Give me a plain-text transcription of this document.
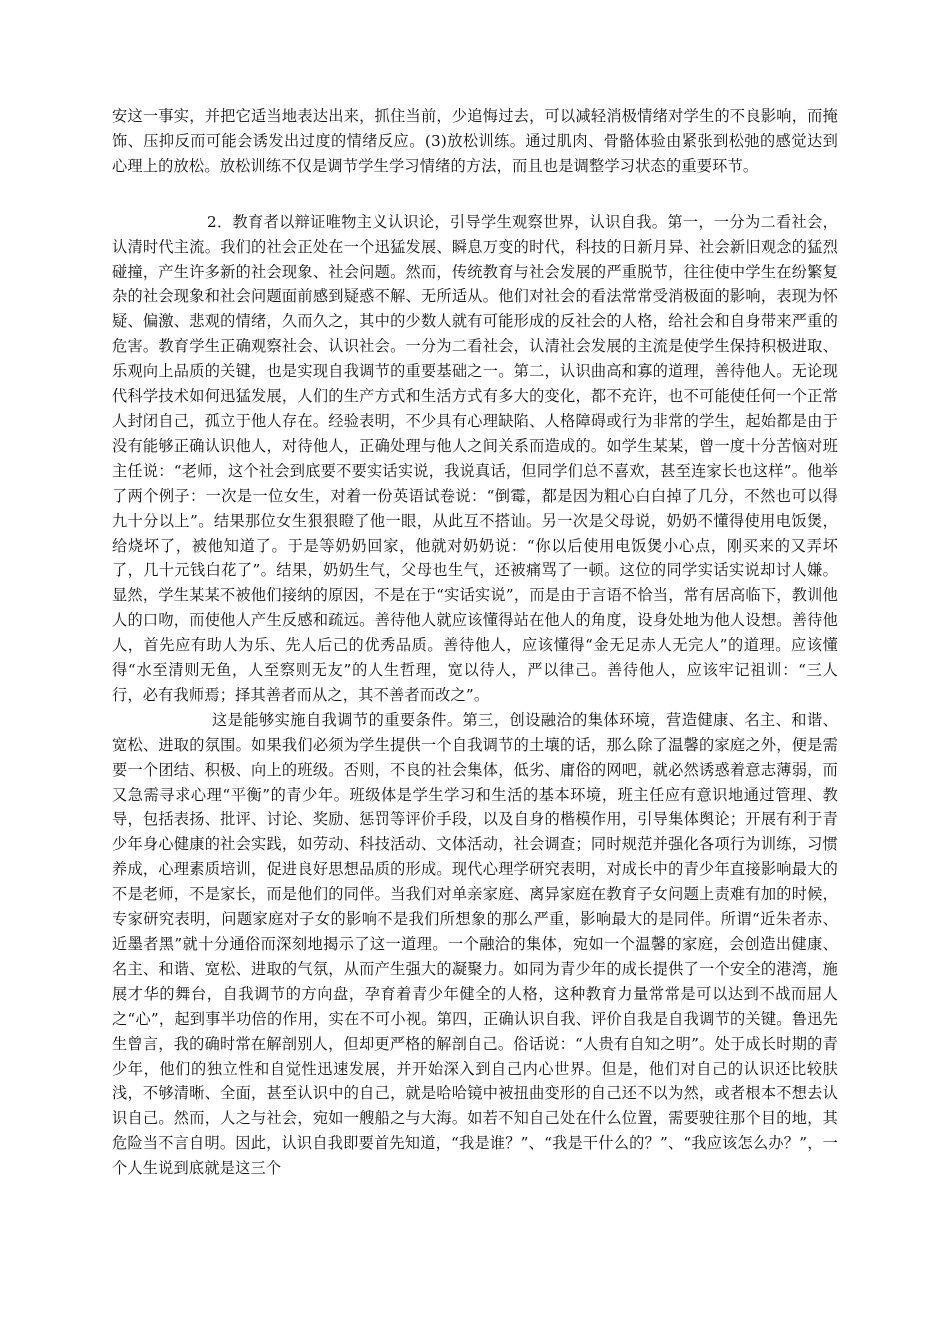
安这一事实，并把它适当地表达出来，抓住当前，少追悔过去，可以减轻消极情绪对学生的不良影响，而掩饰、压抑反而可能会诱发出过度的情绪反应。(3)放松训练。通过肌肉、骨骼体验由紧张到松弛的感觉达到心理上的放松。放松训练不仅是调节学生学习情绪的方法，而且也是调整学习状态的重要环节。

2．教育者以辩证唯物主义认识论，引导学生观察世界，认识自我。第一，一分为二看社会，认清时代主流。我们的社会正处在一个迅猛发展、瞬息万变的时代，科技的日新月异、社会新旧观念的猛烈碰撞，产生许多新的社会现象、社会问题。然而，传统教育与社会发展的严重脱节，往往使中学生在纷繁复杂的社会现象和社会问题面前感到疑惑不解、无所适从。他们对社会的看法常常受消极面的影响，表现为怀疑、偏激、悲观的情绪，久而久之，其中的少数人就有可能形成的反社会的人格，给社会和自身带来严重的危害。教育学生正确观察社会、认识社会。一分为二看社会，认清社会发展的主流是使学生保持积极进取、乐观向上品质的关键，也是实现自我调节的重要基础之一。第二，认识曲高和寡的道理，善待他人。无论现代科学技术如何迅猛发展，人们的生产方式和生活方式有多大的变化，都不充许，也不可能使任何一个正常人封闭自己，孤立于他人存在。经验表明，不少具有心理缺陷、人格障碍或行为非常的学生，起始都是由于没有能够正确认识他人，对待他人，正确处理与他人之间关系而造成的。如学生某某，曾一度十分苦恼对班主任说：“老师，这个社会到底要不要实话实说，我说真话，但同学们总不喜欢，甚至连家长也这样”。他举了两个例子：一次是一位女生，对着一份英语试卷说：“倒霉，都是因为粗心白白掉了几分，不然也可以得九十分以上”。结果那位女生狠狠瞪了他一眼，从此互不搭讪。另一次是父母说，奶奶不懂得使用电饭煲，给烧坏了，被他知道了。于是等奶奶回家，他就对奶奶说：“你以后使用电饭煲小心点，刚买来的又弄坏了，几十元钱白花了”。结果，奶奶生气，父母也生气，还被痛骂了一顿。这位的同学实话实说却讨人嫌。显然，学生某某不被他们接纳的原因，不是在于“实话实说”，而是由于言语不恰当，常有居高临下，教训他人的口吻，而使他人产生反感和疏远。善待他人就应该懂得站在他人的角度，设身处地为他人设想。善待他人，首先应有助人为乐、先人后己的优秀品质。善待他人，应该懂得“金无足赤人无完人”的道理。应该懂得“水至清则无鱼，人至察则无友”的人生哲理，宽以待人，严以律己。善待他人，应该牢记祖训：“三人行，必有我师焉；择其善者而从之，其不善者而改之”。

这是能够实施自我调节的重要条件。第三，创设融洽的集体环境，营造健康、名主、和谐、宽松、进取的氛围。如果我们必须为学生提供一个自我调节的土壤的话，那么除了温馨的家庭之外，便是需要一个团结、积极、向上的班级。否则，不良的社会集体，低劣、庸俗的网吧，就必然诱惑着意志薄弱，而又急需寻求心理“平衡”的青少年。班级体是学生学习和生活的基本环境，班主任应有意识地通过管理、教导，包括表扬、批评、讨论、奖励、惩罚等评价手段，以及自身的楷模作用，引导集体舆论；开展有利于青少年身心健康的社会实践，如劳动、科技活动、文体活动，社会调查；同时规范并强化各项行为训练，习惯养成，心理素质培训，促进良好思想品质的形成。现代心理学研究表明，对成长中的青少年直接影响最大的不是老师，不是家长，而是他们的同伴。当我们对单亲家庭、离异家庭在教育子女问题上责难有加的时候，专家研究表明，问题家庭对子女的影响不是我们所想象的那么严重，影响最大的是同伴。所谓“近朱者赤、近墨者黑”就十分通俗而深刻地揭示了这一道理。一个融洽的集体，宛如一个温馨的家庭，会创造出健康、名主、和谐、宽松、进取的气氛，从而产生强大的凝聚力。如同为青少年的成长提供了一个安全的港湾，施展才华的舞台，自我调节的方向盘，孕育着青少年健全的人格，这种教育力量常常是可以达到不战而屈人之“心”，起到事半功倍的作用，实在不可小视。第四，正确认识自我、评价自我是自我调节的关键。鲁迅先生曾言，我的确时常在解剖别人，但却更严格的解剖自己。俗话说：“人贵有自知之明”。处于成长时期的青少年，他们的独立性和自觉性迅速发展，并开始深入到自己内心世界。但是，他们对自己的认识还比较肤浅，不够清晰、全面，甚至认识中的自己，就是哈哈镜中被扭曲变形的自己还不以为然，或者根本不想去认识自己。然而，人之与社会，宛如一艘船之与大海。如若不知自己处在什么位置，需要驶往那个目的地，其危险当不言自明。因此，认识自我即要首先知道，“我是谁？”、“我是干什么的？”、“我应该怎么办？”，一个人生说到底就是这三个
